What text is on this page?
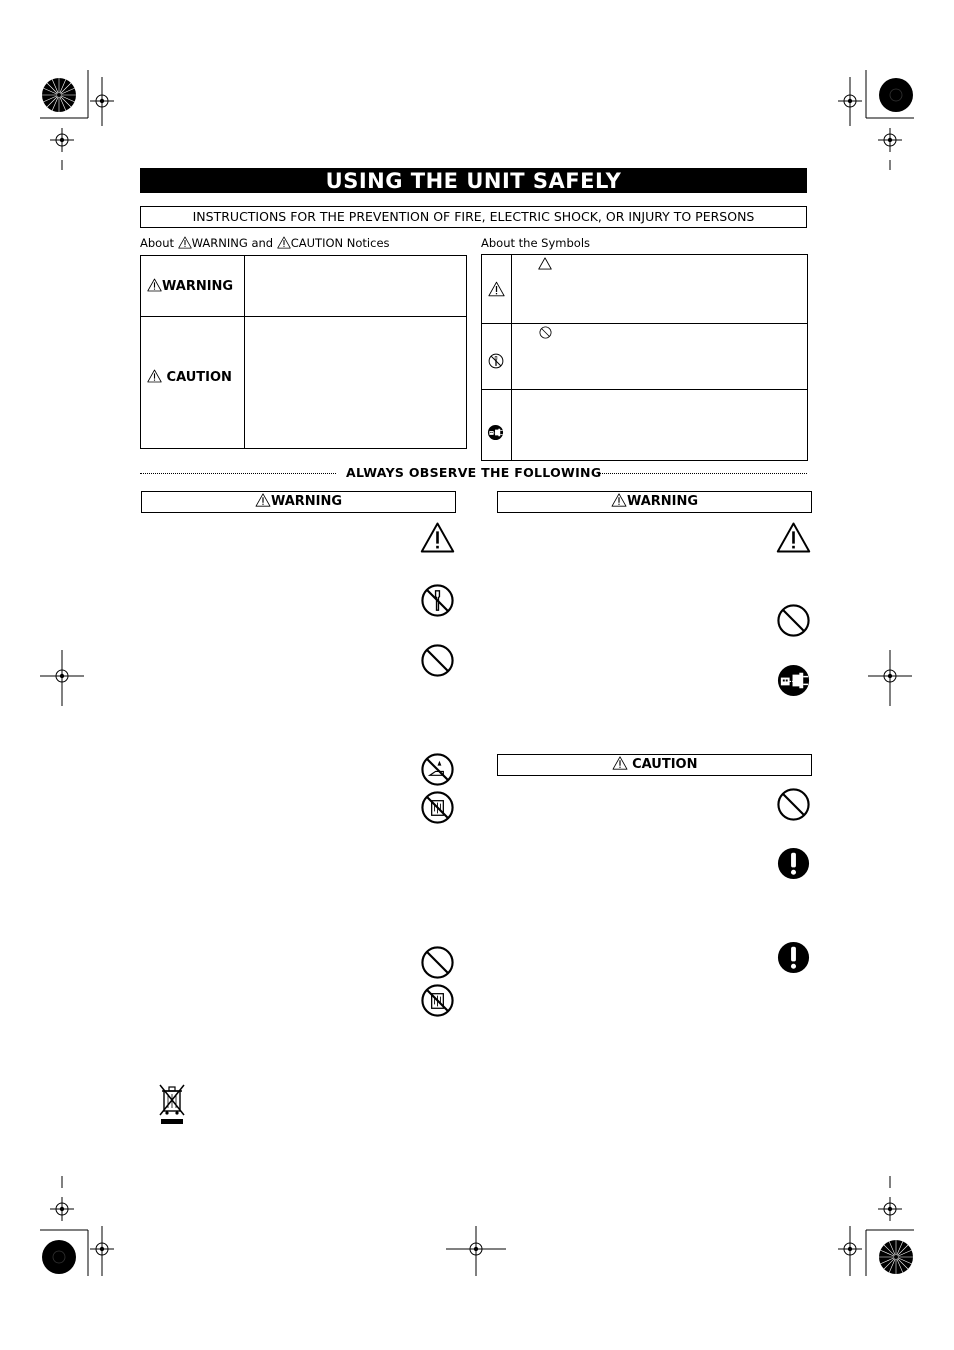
USING THE UNIT SAFELY
INSTRUCTIONS FOR THE PREVENTION OF FIRE, ELECTRIC SHOCK, OR INJURY TO PERSONS
About WARNING and CAUTION Notices
WARNING
CAUTION
About the Symbols
ALWAYS OBSERVE THE FOLLOWING
WARNING	WARNING
CAUTION
